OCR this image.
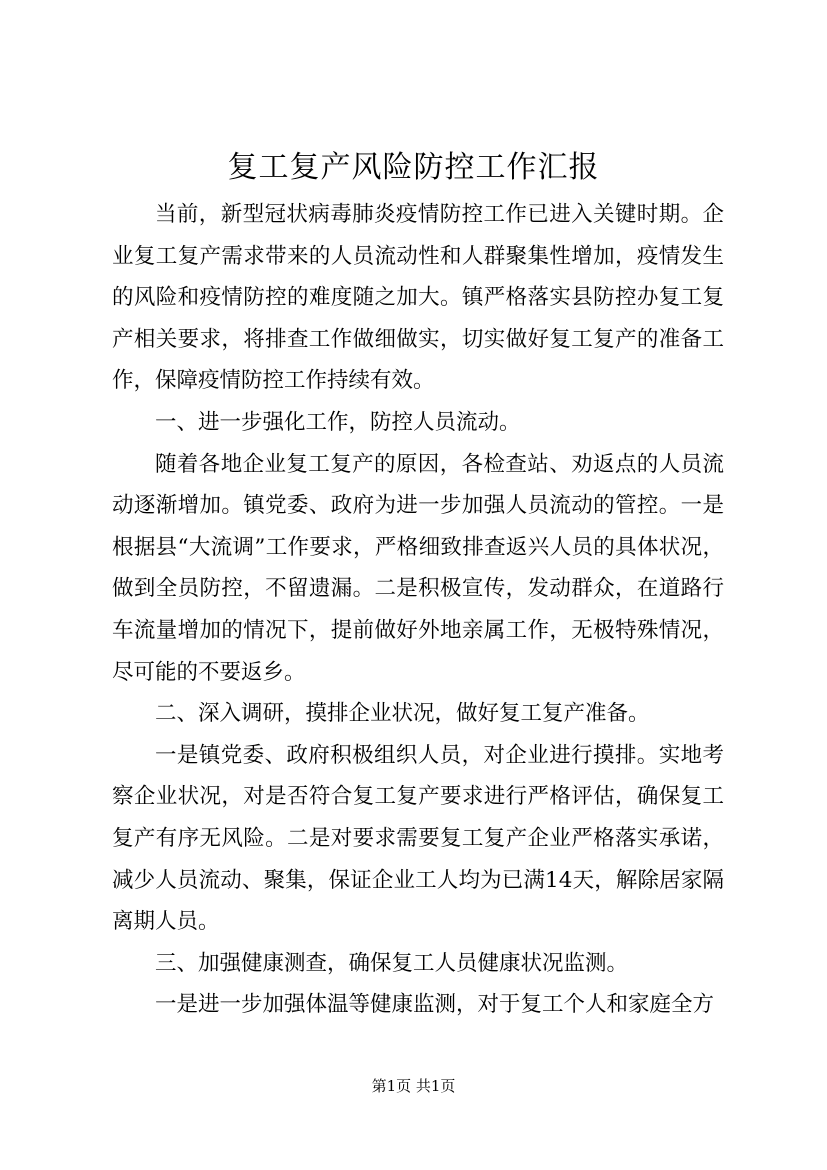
复工复产风险防控工作汇报

当前，新型冠状病毒肺炎疫情防控工作已进入关键时期。企业复工复产需求带来的人员流动性和人群聚集性增加，疫情发生的风险和疫情防控的难度随之加大。镇严格落实县防控办复工复产相关要求，将排查工作做细做实，切实做好复工复产的准备工作，保障疫情防控工作持续有效。

一、进一步强化工作，防控人员流动。

随着各地企业复工复产的原因，各检查站、劝返点的人员流动逐渐增加。镇党委、政府为进一步加强人员流动的管控。一是根据县“大流调”工作要求，严格细致排查返兴人员的具体状况，做到全员防控，不留遗漏。二是积极宣传，发动群众，在道路行车流量增加的情况下，提前做好外地亲属工作，无极特殊情况，尽可能的不要返乡。

二、深入调研，摸排企业状况，做好复工复产准备。

一是镇党委、政府积极组织人员，对企业进行摸排。实地考察企业状况，对是否符合复工复产要求进行严格评估，确保复工复产有序无风险。二是对要求需要复工复产企业严格落实承诺，减少人员流动、聚集，保证企业工人均为已满14天，解除居家隔离期人员。

三、加强健康测查，确保复工人员健康状况监测。

一是进一步加强体温等健康监测，对于复工个人和家庭全方

第1页 共1页
